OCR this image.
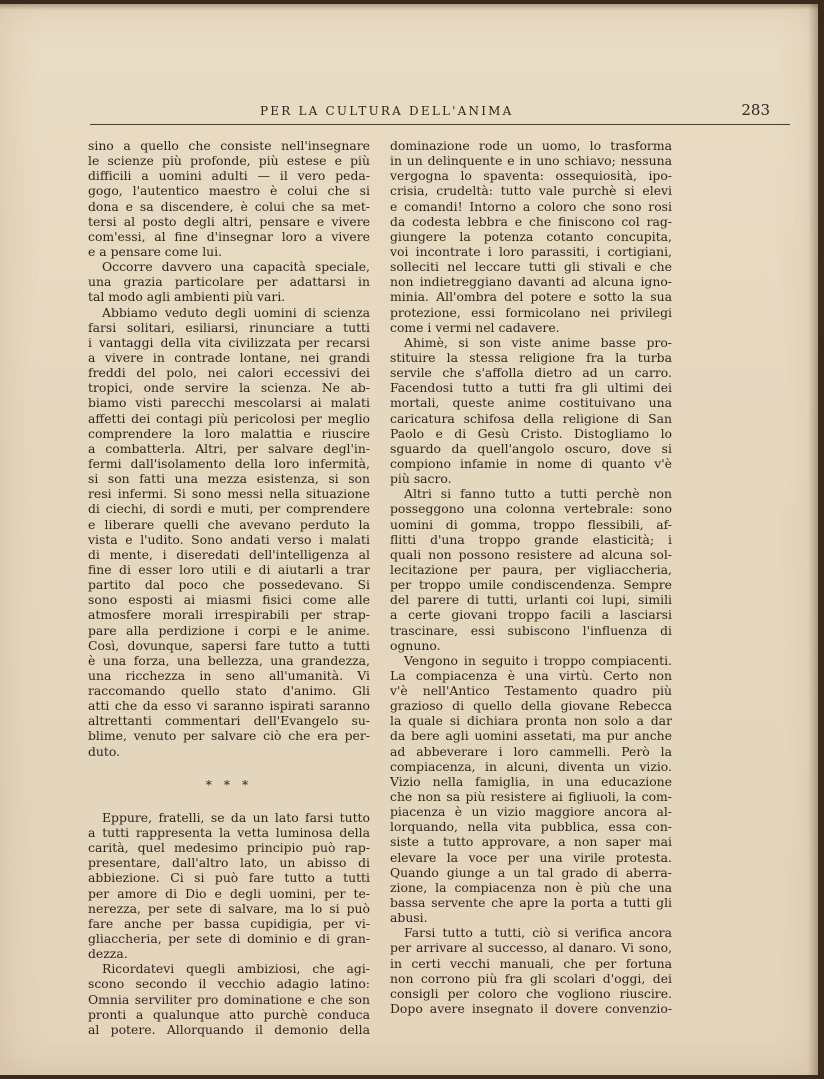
PER LA CULTURA DELL'ANIMA	283
sino a quello che consiste nell'insegnare
le scienze più profonde, più estese e più
difficili a uomini adulti — il vero peda-
gogo, l'autentico maestro è colui che si
dona e sa discendere, è colui che sa met-
tersi al posto degli altri, pensare e vivere
com'essi, al fine d'insegnar loro a vivere
e a pensare come lui.
Occorre davvero una capacità speciale,
una grazia particolare per adattarsi in
tal modo agli ambienti più vari.
Abbiamo veduto degli uomini di scienza
farsi solitari, esiliarsi, rinunciare a tutti
i vantaggi della vita civilizzata per recarsi
a vivere in contrade lontane, nei grandi
freddi del polo, nei calori eccessivi dei
tropici, onde servire la scienza. Ne ab-
biamo visti parecchi mescolarsi ai malati
affetti dei contagi più pericolosi per meglio
comprendere la loro malattia e riuscire
a combatterla. Altri, per salvare degl'in-
fermi dall'isolamento della loro infermità,
si son fatti una mezza esistenza, si son
resi infermi. Si sono messi nella situazione
di ciechi, di sordi e muti, per comprendere
e liberare quelli che avevano perduto la
vista e l'udito. Sono andati verso i malati
di mente, i diseredati dell'intelligenza al
fine di esser loro utili e di aiutarli a trar
partito dal poco che possedevano. Si
sono esposti ai miasmi fisici come alle
atmosfere morali irrespirabili per strap-
pare alla perdizione i corpi e le anime.
Così, dovunque, sapersi fare tutto a tutti
è una forza, una bellezza, una grandezza,
una ricchezza in seno all'umanità. Vi
raccomando quello stato d'animo. Gli
atti che da esso vi saranno ispirati saranno
altrettanti commentari dell'Evangelo su-
blime, venuto per salvare ciò che era per-
duto.
* * *
Eppure, fratelli, se da un lato farsi tutto
a tutti rappresenta la vetta luminosa della
carità, quel medesimo principio può rap-
presentare, dall'altro lato, un abisso di
abbiezione. Ci si può fare tutto a tutti
per amore di Dio e degli uomini, per te-
nerezza, per sete di salvare, ma lo si può
fare anche per bassa cupidigia, per vi-
gliaccheria, per sete di dominio e di gran-
dezza.
Ricordatevi quegli ambiziosi, che agi-
scono secondo il vecchio adagio latino:
Omnia serviliter pro dominatione e che son
pronti a qualunque atto purchè conduca
al potere. Allorquando il demonio della
dominazione rode un uomo, lo trasforma
in un delinquente e in uno schiavo; nessuna
vergogna lo spaventa: ossequiosità, ipo-
crisia, crudeltà: tutto vale purchè si elevi
e comandi! Intorno a coloro che sono rosi
da codesta lebbra e che finiscono col rag-
giungere la potenza cotanto concupita,
voi incontrate i loro parassiti, i cortigiani,
solleciti nel leccare tutti gli stivali e che
non indietreggiano davanti ad alcuna igno-
minia. All'ombra del potere e sotto la sua
protezione, essi formicolano nei privilegi
come i vermi nel cadavere.
Ahimè, si son viste anime basse pro-
stituire la stessa religione fra la turba
servile che s'affolla dietro ad un carro.
Facendosi tutto a tutti fra gli ultimi dei
mortali, queste anime costituivano una
caricatura schifosa della religione di San
Paolo e di Gesù Cristo. Distogliamo lo
sguardo da quell'angolo oscuro, dove si
compiono infamie in nome di quanto v'è
più sacro.
Altri si fanno tutto a tutti perchè non
posseggono una colonna vertebrale: sono
uomini di gomma, troppo flessibili, af-
flitti d'una troppo grande elasticità; i
quali non possono resistere ad alcuna sol-
lecitazione per paura, per vigliaccheria,
per troppo umile condiscendenza. Sempre
del parere di tutti, urlanti coi lupi, simili
a certe giovani troppo facili a lasciarsi
trascinare, essi subiscono l'influenza di
ognuno.
Vengono in seguito i troppo compiacenti.
La compiacenza è una virtù. Certo non
v'è nell'Antico Testamento quadro più
grazioso di quello della giovane Rebecca
la quale si dichiara pronta non solo a dar
da bere agli uomini assetati, ma pur anche
ad abbeverare i loro cammelli. Però la
compiacenza, in alcuni, diventa un vizio.
Vizio nella famiglia, in una educazione
che non sa più resistere ai figliuoli, la com-
piacenza è un vizio maggiore ancora al-
lorquando, nella vita pubblica, essa con-
siste a tutto approvare, a non saper mai
elevare la voce per una virile protesta.
Quando giunge a un tal grado di aberra-
zione, la compiacenza non è più che una
bassa servente che apre la porta a tutti gli
abusi.
Farsi tutto a tutti, ciò si verifica ancora
per arrivare al successo, al danaro. Vi sono,
in certi vecchi manuali, che per fortuna
non corrono più fra gli scolari d'oggi, dei
consigli per coloro che vogliono riuscire.
Dopo avere insegnato il dovere convenzio-
